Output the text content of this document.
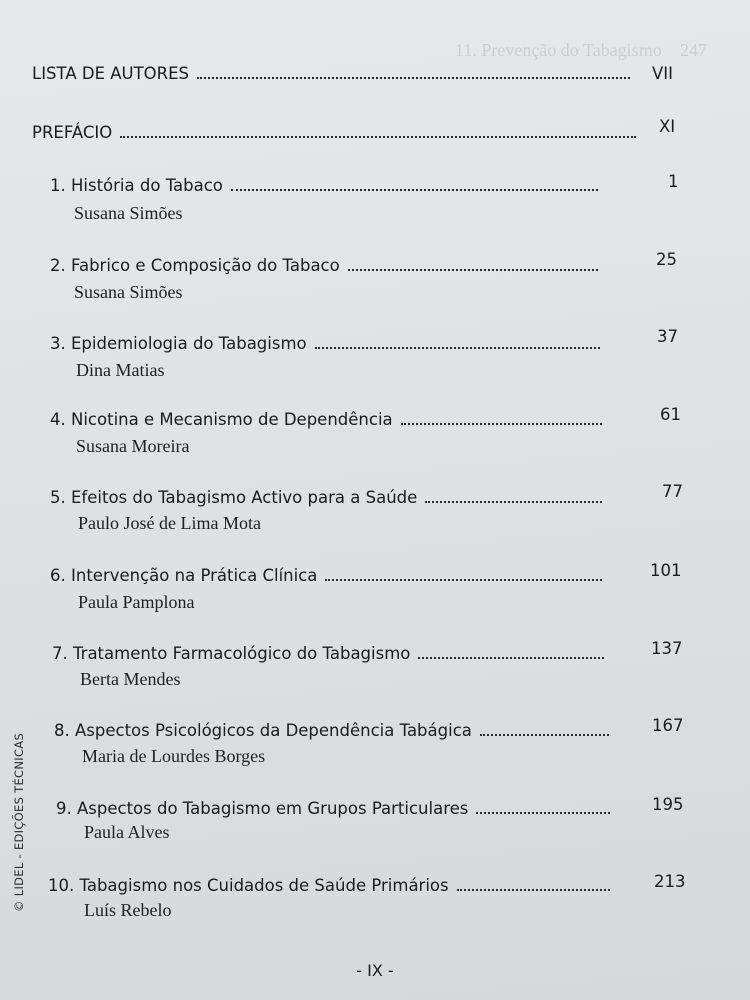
11. Prevenção do Tabagismo 247
LISTA DE AUTORES	VII
PREFÁCIO	XI
1.
História do Tabaco	1
Susana Simões
2.
Fabrico e Composição do Tabaco	25
Susana Simões
3.
Epidemiologia do Tabagismo	37
Dina Matias
4.
Nicotina e Mecanismo de Dependência	61
Susana Moreira
5.
Efeitos do Tabagismo Activo para a Saúde	77
Paulo José de Lima Mota
6.
Intervenção na Prática Clínica	101
Paula Pamplona
7.
Tratamento Farmacológico do Tabagismo	137
Berta Mendes
8.
Aspectos Psicológicos da Dependência Tabágica	167
Maria de Lourdes Borges
9.
Aspectos do Tabagismo em Grupos Particulares	195
Paula Alves
10.
Tabagismo nos Cuidados de Saúde Primários	213
Luís Rebelo
© LIDEL - EDIÇÕES TÉCNICAS
- IX -
